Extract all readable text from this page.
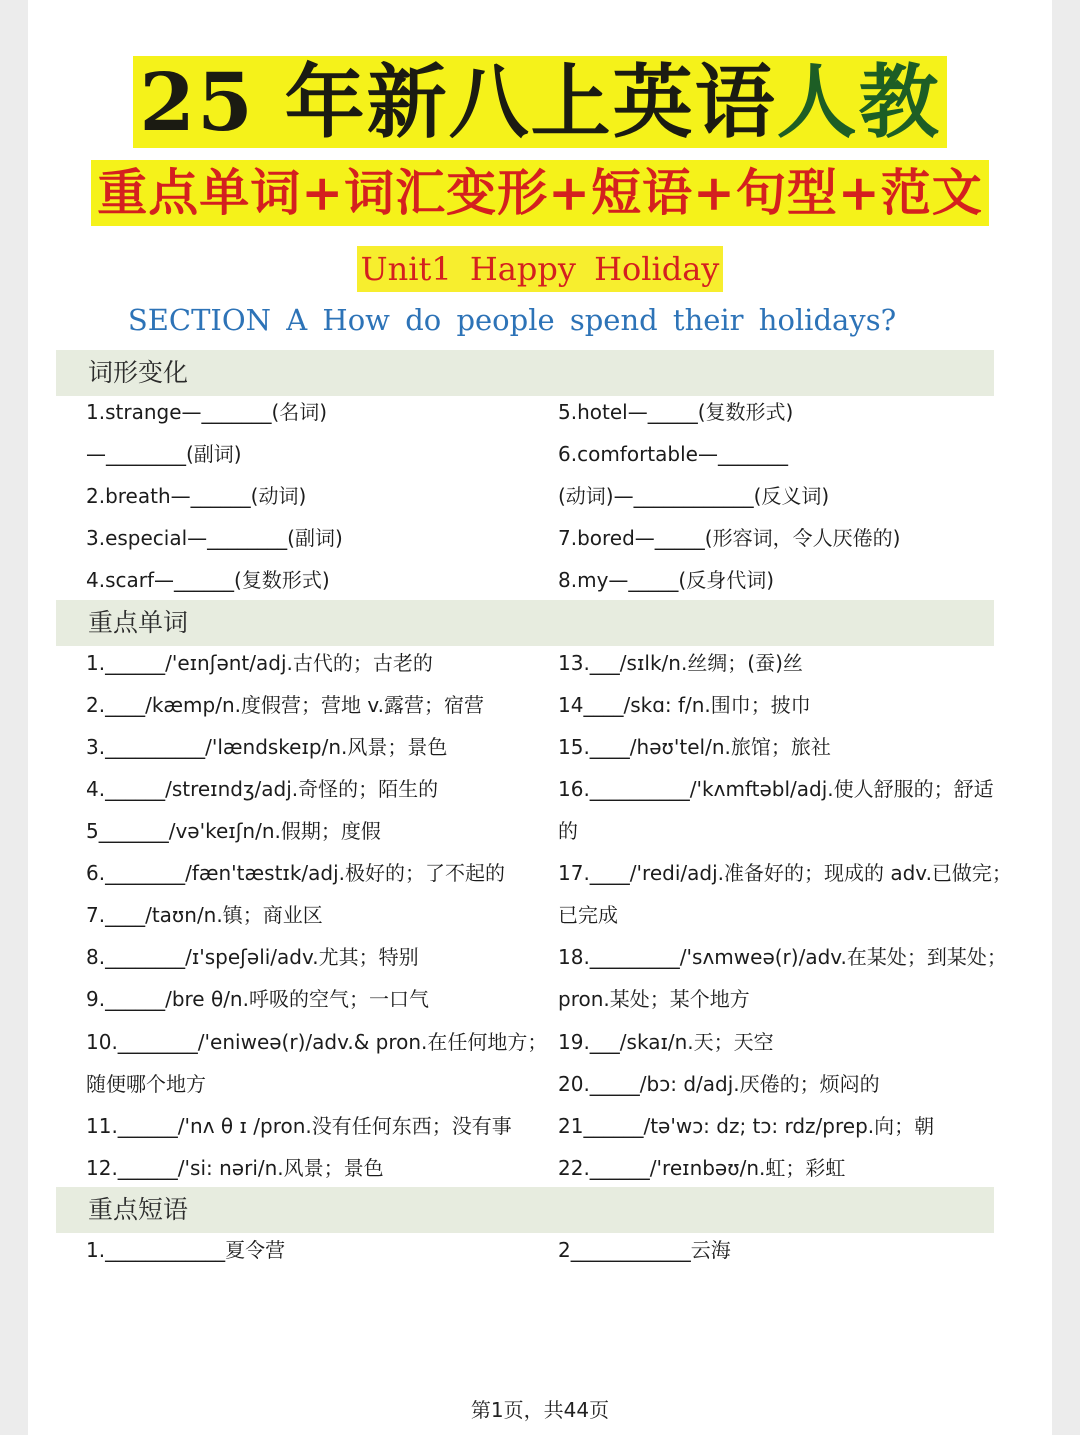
25 年新八上英语人教
重点单词+词汇变形+短语+句型+范文
Unit1 Happy Holiday
SECTION A How do people spend their holidays?
词形变化
1.strange—_______(名词)
—________(副词)
2.breath—______(动词)
3.especial—________(副词)
4.scarf—______(复数形式)
5.hotel—_____(复数形式)
6.comfortable—_______
(动词)—____________(反义词)
7.bored—_____(形容词，令人厌倦的)
8.my—_____(反身代词)
重点单词
1.______/'eɪnʃənt/adj.古代的；古老的
2.____/kæmp/n.度假营；营地 v.露营；宿营
3.__________/'lændskeɪp/n.风景；景色
4.______/streɪndʒ/adj.奇怪的；陌生的
5_______/və'keɪʃn/n.假期；度假
6.________/fæn'tæstɪk/adj.极好的；了不起的
7.____/taʊn/n.镇；商业区
8.________/ɪ'speʃəli/adv.尤其；特别
9.______/bre θ/n.呼吸的空气；一口气
10.________/'eniweə(r)/adv.& pron.在任何地方；
随便哪个地方
11.______/'nʌ θ ɪ /pron.没有任何东西；没有事
12.______/'si: nəri/n.风景；景色
13.___/sɪlk/n.丝绸；(蚕)丝
14____/skɑ: f/n.围巾；披巾
15.____/həʊ'tel/n.旅馆；旅社
16.__________/'kʌmftəbl/adj.使人舒服的；舒适
的
17.____/'redi/adj.准备好的；现成的 adv.已做完；
已完成
18._________/'sʌmweə(r)/adv.在某处；到某处；
pron.某处；某个地方
19.___/skaɪ/n.天；天空
20._____/bɔ: d/adj.厌倦的；烦闷的
21______/tə'wɔ: dz; tɔ: rdz/prep.向；朝
22.______/'reɪnbəʊ/n.虹；彩虹
重点短语
1.____________夏令营	2____________云海
第1页，共44页
